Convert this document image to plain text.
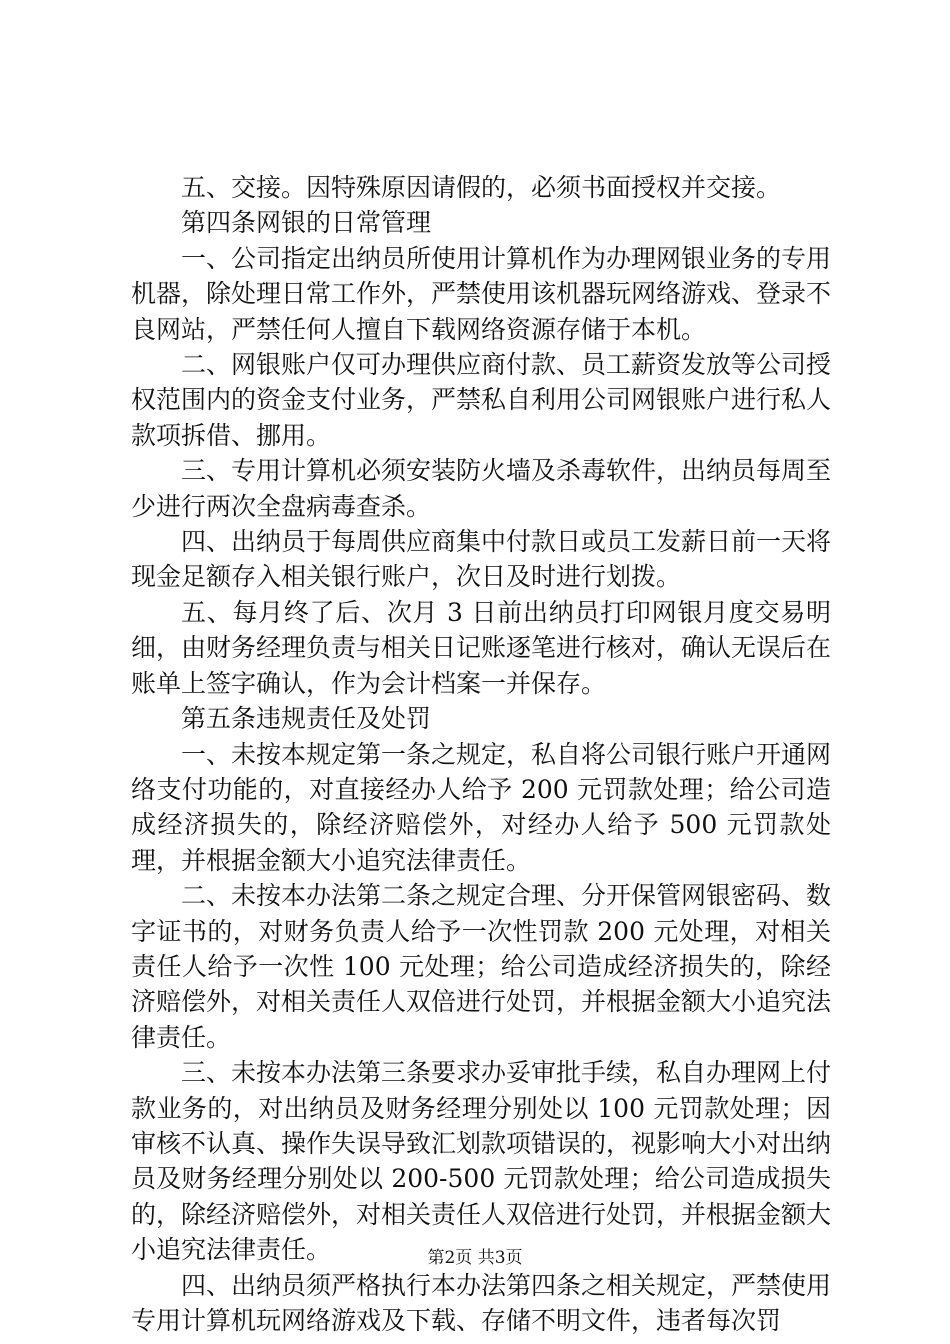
五、交接。因特殊原因请假的，必须书面授权并交接。

第四条网银的日常管理

一、公司指定出纳员所使用计算机作为办理网银业务的专用机器，除处理日常工作外，严禁使用该机器玩网络游戏、登录不良网站，严禁任何人擅自下载网络资源存储于本机。

二、网银账户仅可办理供应商付款、员工薪资发放等公司授权范围内的资金支付业务，严禁私自利用公司网银账户进行私人款项拆借、挪用。

三、专用计算机必须安装防火墙及杀毒软件，出纳员每周至少进行两次全盘病毒查杀。

四、出纳员于每周供应商集中付款日或员工发薪日前一天将现金足额存入相关银行账户，次日及时进行划拨。

五、每月终了后、次月 3 日前出纳员打印网银月度交易明细，由财务经理负责与相关日记账逐笔进行核对，确认无误后在账单上签字确认，作为会计档案一并保存。

第五条违规责任及处罚

一、未按本规定第一条之规定，私自将公司银行账户开通网络支付功能的，对直接经办人给予 200 元罚款处理；给公司造成经济损失的，除经济赔偿外，对经办人给予 500 元罚款处理，并根据金额大小追究法律责任。

二、未按本办法第二条之规定合理、分开保管网银密码、数字证书的，对财务负责人给予一次性罚款 200 元处理，对相关责任人给予一次性 100 元处理；给公司造成经济损失的，除经济赔偿外，对相关责任人双倍进行处罚，并根据金额大小追究法律责任。

三、未按本办法第三条要求办妥审批手续，私自办理网上付款业务的，对出纳员及财务经理分别处以 100 元罚款处理；因审核不认真、操作失误导致汇划款项错误的，视影响大小对出纳员及财务经理分别处以 200-500 元罚款处理；给公司造成损失的，除经济赔偿外，对相关责任人双倍进行处罚，并根据金额大小追究法律责任。

四、出纳员须严格执行本办法第四条之相关规定，严禁使用专用计算机玩网络游戏及下载、存储不明文件，违者每次罚

第2页 共3页
